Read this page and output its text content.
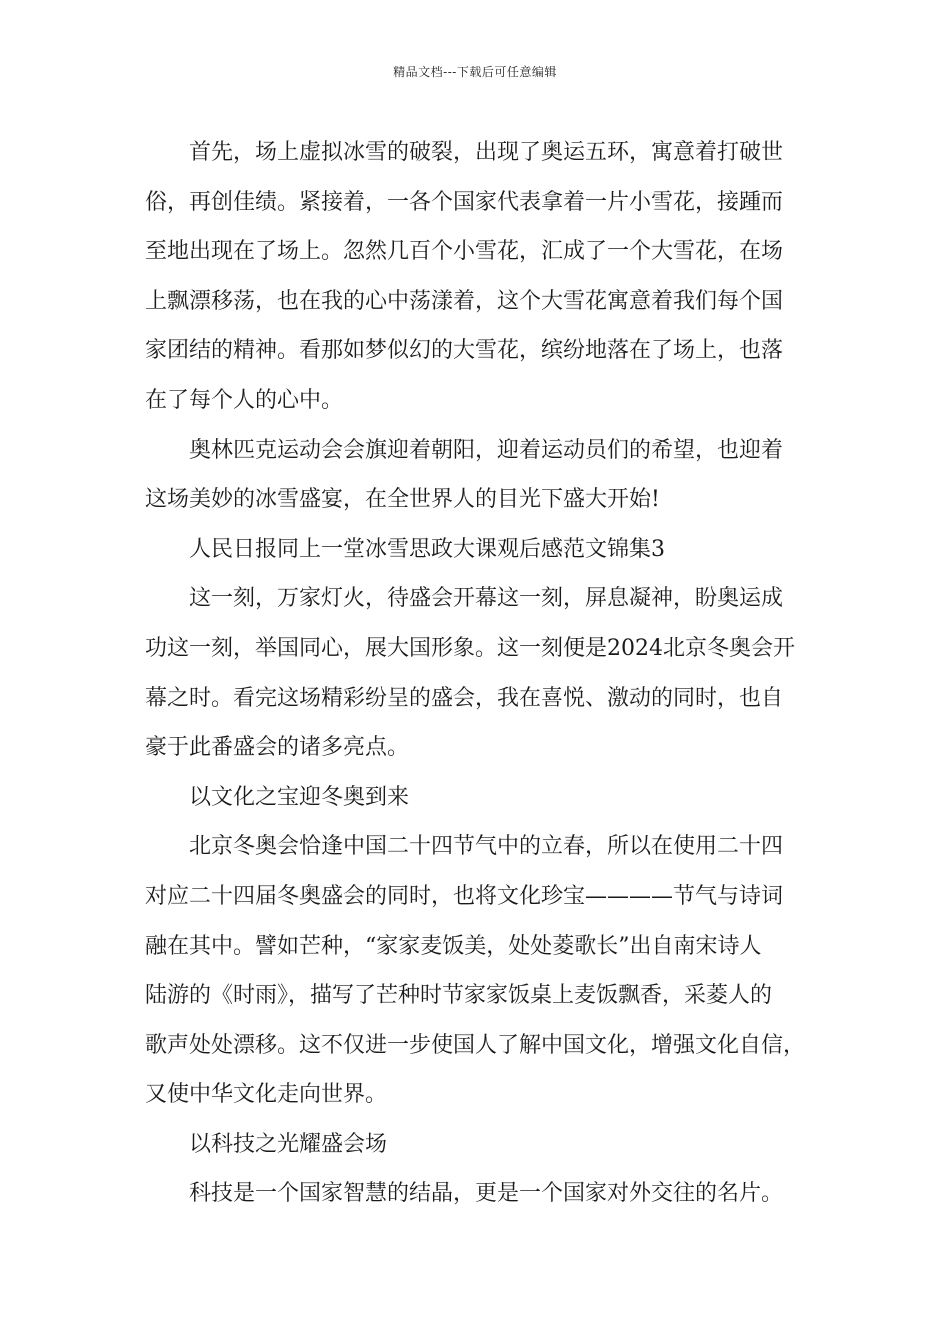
精品文档---下载后可任意编辑
首先，场上虚拟冰雪的破裂，出现了奥运五环，寓意着打破世
俗，再创佳绩。紧接着，一各个国家代表拿着一片小雪花，接踵而
至地出现在了场上。忽然几百个小雪花，汇成了一个大雪花，在场
上飘漂移荡，也在我的心中荡漾着，这个大雪花寓意着我们每个国
家团结的精神。看那如梦似幻的大雪花，缤纷地落在了场上，也落
在了每个人的心中。
奥林匹克运动会会旗迎着朝阳，迎着运动员们的希望，也迎着
这场美妙的冰雪盛宴，在全世界人的目光下盛大开始!
人民日报同上一堂冰雪思政大课观后感范文锦集3
这一刻，万家灯火，待盛会开幕这一刻，屏息凝神，盼奥运成
功这一刻，举国同心，展大国形象。这一刻便是2024北京冬奥会开
幕之时。看完这场精彩纷呈的盛会，我在喜悦、激动的同时，也自
豪于此番盛会的诸多亮点。
以文化之宝迎冬奥到来
北京冬奥会恰逢中国二十四节气中的立春，所以在使用二十四
对应二十四届冬奥盛会的同时，也将文化珍宝————节气与诗词
融在其中。譬如芒种，“家家麦饭美，处处菱歌长”出自南宋诗人
陆游的《时雨》，描写了芒种时节家家饭桌上麦饭飘香，采菱人的
歌声处处漂移。这不仅进一步使国人了解中国文化，增强文化自信，
又使中华文化走向世界。
以科技之光耀盛会场
科技是一个国家智慧的结晶，更是一个国家对外交往的名片。
